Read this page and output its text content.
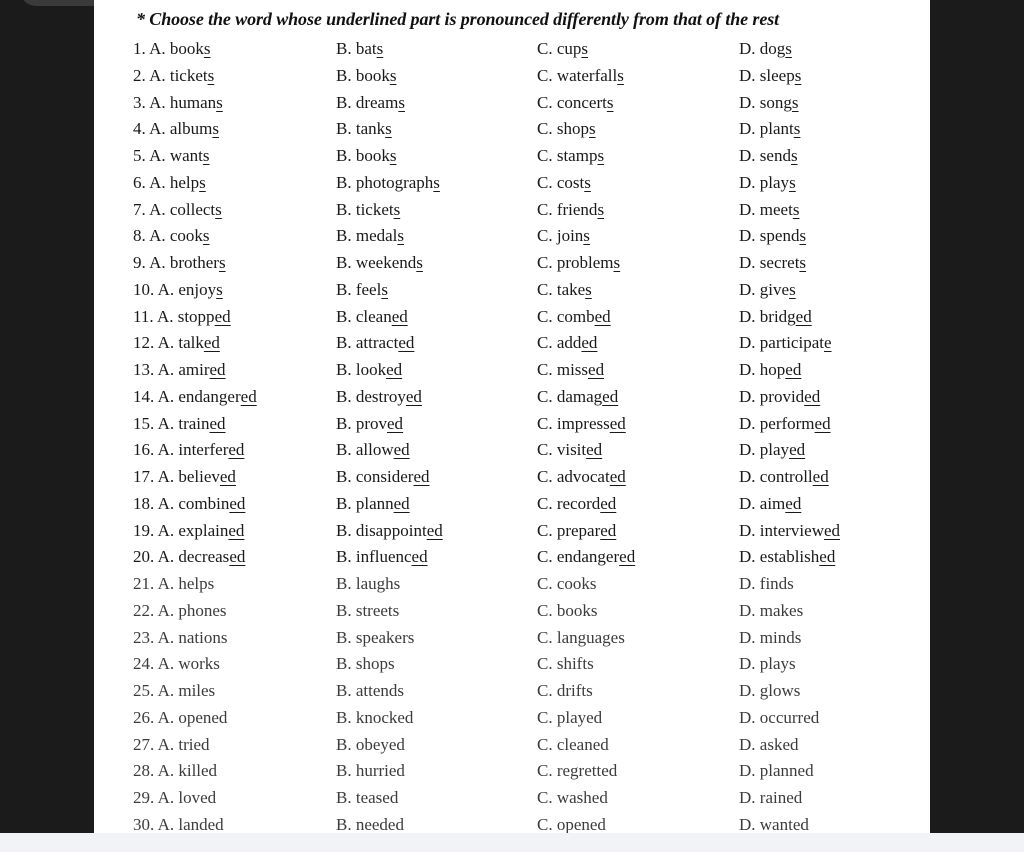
* Choose the word whose underlined part is pronounced differently from that of the rest
1. A. books	B. bats	C. cups	D. dogs
2. A. tickets	B. books	C. waterfalls	D. sleeps
3. A. humans	B. dreams	C. concerts	D. songs
4. A. albums	B. tanks	C. shops	D. plants
5. A. wants	B. books	C. stamps	D. sends
6. A. helps	B. photographs	C. costs	D. plays
7. A. collects	B. tickets	C. friends	D. meets
8. A. cooks	B. medals	C. joins	D. spends
9. A. brothers	B. weekends	C. problems	D. secrets
10. A. enjoys	B. feels	C. takes	D. gives
11. A. stopped	B. cleaned	C. combed	D. bridged
12. A. talked	B. attracted	C. added	D. participate
13. A. amired	B. looked	C. missed	D. hoped
14. A. endangered	B. destroyed	C. damaged	D. provided
15. A. trained	B. proved	C. impressed	D. performed
16. A. interfered	B. allowed	C. visited	D. played
17. A. believed	B. considered	C. advocated	D. controlled
18. A. combined	B. planned	C. recorded	D. aimed
19. A. explained	B. disappointed	C. prepared	D. interviewed
20. A. decreased	B. influenced	C. endangered	D. established
21. A. helps	B. laughs	C. cooks	D. finds
22. A. phones	B. streets	C. books	D. makes
23. A. nations	B. speakers	C. languages	D. minds
24. A. works	B. shops	C. shifts	D. plays
25. A. miles	B. attends	C. drifts	D. glows
26. A. opened	B. knocked	C. played	D. occurred
27. A. tried	B. obeyed	C. cleaned	D. asked
28. A. killed	B. hurried	C. regretted	D. planned
29. A. loved	B. teased	C. washed	D. rained
30. A. landed	B. needed	C. opened	D. wanted
